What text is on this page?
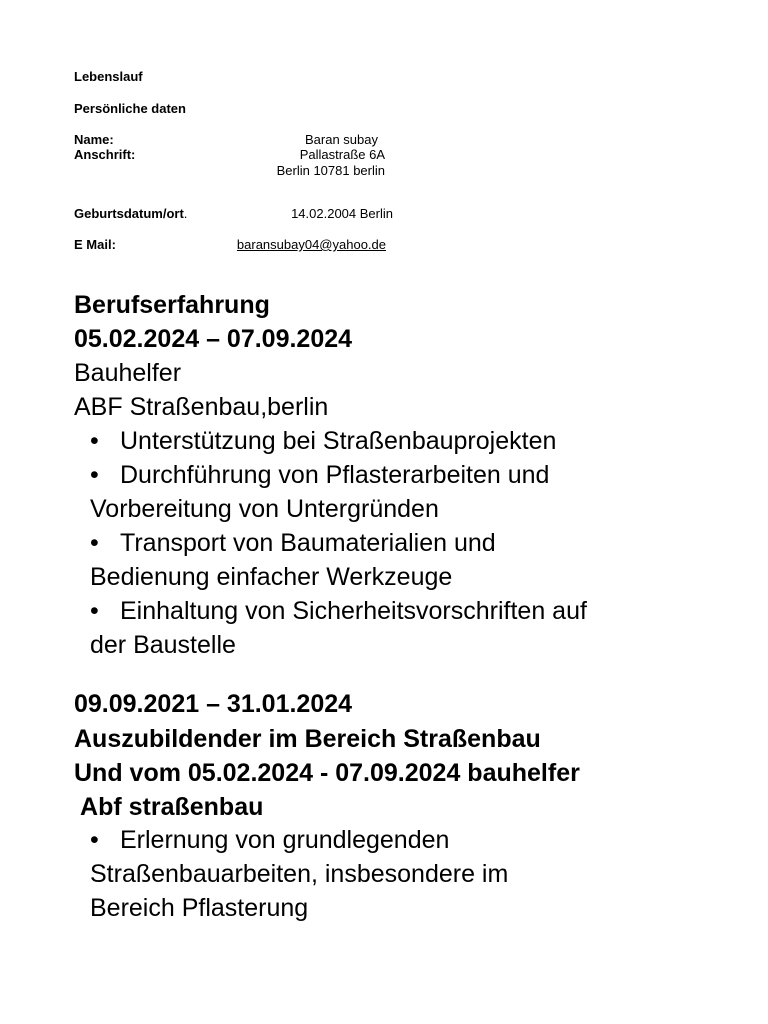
Lebenslauf
Persönliche daten
Name:	Baran subay
Anschrift:	Pallastraße 6A
Berlin 10781 berlin
Geburtsdatum/ort.	14.02.2004 Berlin
E Mail:	baransubay04@yahoo.de
Berufserfahrung
05.02.2024 – 07.09.2024
Bauhelfer
ABF Straßenbau,berlin
• Unterstützung bei Straßenbauprojekten
• Durchführung von Pflasterarbeiten und
Vorbereitung von Untergründen
• Transport von Baumaterialien und
Bedienung einfacher Werkzeuge
• Einhaltung von Sicherheitsvorschriften auf
der Baustelle
09.09.2021 – 31.01.2024
Auszubildender im Bereich Straßenbau
Und vom 05.02.2024 - 07.09.2024 bauhelfer
Abf straßenbau
• Erlernung von grundlegenden
Straßenbauarbeiten, insbesondere im
Bereich Pflasterung
